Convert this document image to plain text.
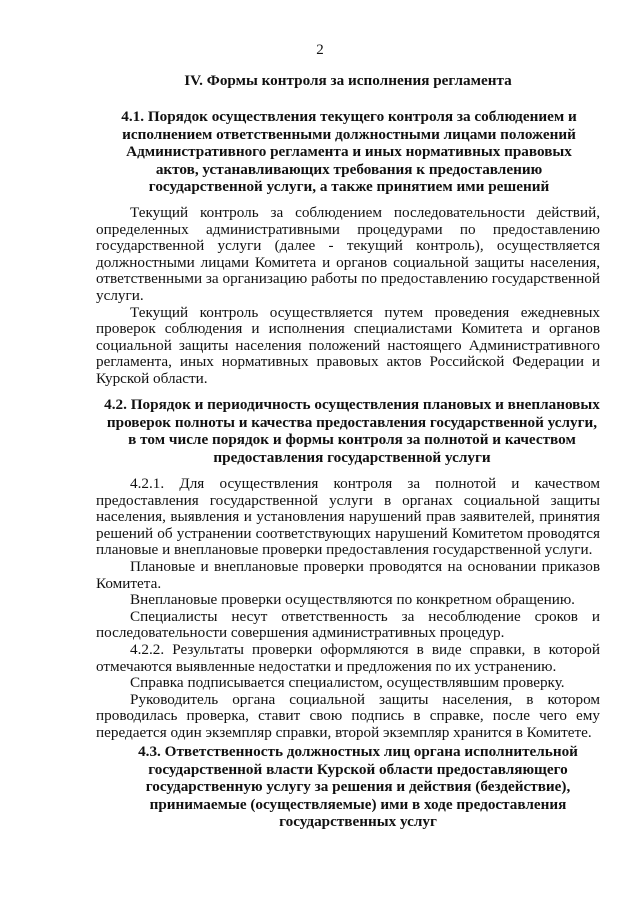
2
IV. Формы контроля за исполнения регламента
4.1. Порядок осуществления текущего контроля за соблюдением и исполнением ответственными должностными лицами положений Административного регламента и иных нормативных правовых актов, устанавливающих требования к предоставлению государственной услуги, а также принятием ими решений

Текущий контроль за соблюдением последовательности действий, определенных административными процедурами по предоставлению государственной услуги (далее - текущий контроль), осуществляется должностными лицами Комитета и органов социальной защиты населения, ответственными за организацию работы по предоставлению государственной услуги.

Текущий контроль осуществляется путем проведения ежедневных проверок соблюдения и исполнения специалистами Комитета и органов социальной защиты населения положений настоящего Административного регламента, иных нормативных правовых актов Российской Федерации и Курской области.

4.2. Порядок и периодичность осуществления плановых и внеплановых проверок полноты и качества предоставления государственной услуги, в том числе порядок и формы контроля за полнотой и качеством предоставления государственной услуги

4.2.1. Для осуществления контроля за полнотой и качеством предоставления государственной услуги в органах социальной защиты населения, выявления и установления нарушений прав заявителей, принятия решений об устранении соответствующих нарушений Комитетом проводятся плановые и внеплановые проверки предоставления государственной услуги.

Плановые и внеплановые проверки проводятся на основании приказов Комитета.

Внеплановые проверки осуществляются по конкретном обращению.

Специалисты несут ответственность за несоблюдение сроков и последовательности совершения административных процедур.

4.2.2. Результаты проверки оформляются в виде справки, в которой отмечаются выявленные недостатки и предложения по их устранению.

Справка подписывается специалистом, осуществлявшим проверку.

Руководитель органа социальной защиты населения, в котором проводилась проверка, ставит свою подпись в справке, после чего ему передается один экземпляр справки, второй экземпляр хранится в Комитете.

4.3. Ответственность должностных лиц органа исполнительной государственной власти Курской области предоставляющего государственную услугу за решения и действия (бездействие), принимаемые (осуществляемые) ими в ходе предоставления государственных услуг
